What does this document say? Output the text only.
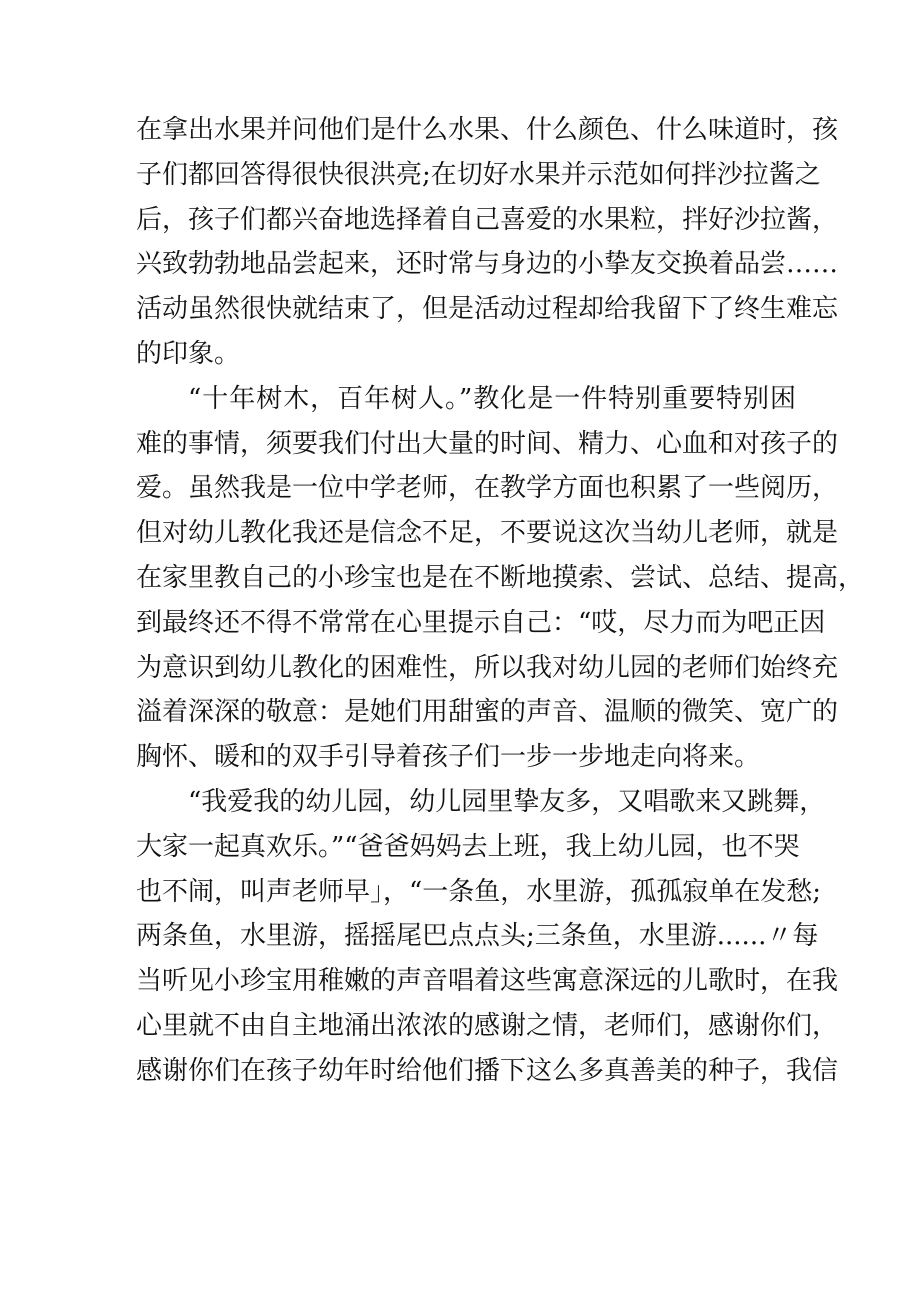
在拿出水果并问他们是什么水果、什么颜色、什么味道时，孩
子们都回答得很快很洪亮;在切好水果并示范如何拌沙拉酱之
后，孩子们都兴奋地选择着自己喜爱的水果粒，拌好沙拉酱，
兴致勃勃地品尝起来，还时常与身边的小挚友交换着品尝……
活动虽然很快就结束了，但是活动过程却给我留下了终生难忘
的印象。
“十年树木，百年树人。”教化是一件特别重要特别困
难的事情，须要我们付出大量的时间、精力、心血和对孩子的
爱。虽然我是一位中学老师，在教学方面也积累了一些阅历，
但对幼儿教化我还是信念不足，不要说这次当幼儿老师，就是
在家里教自己的小珍宝也是在不断地摸索、尝试、总结、提高，
到最终还不得不常常在心里提示自己：“哎，尽力而为吧正因
为意识到幼儿教化的困难性，所以我对幼儿园的老师们始终充
溢着深深的敬意：是她们用甜蜜的声音、温顺的微笑、宽广的
胸怀、暖和的双手引导着孩子们一步一步地走向将来。
“我爱我的幼儿园，幼儿园里挚友多，又唱歌来又跳舞，
大家一起真欢乐。”“爸爸妈妈去上班，我上幼儿园，也不哭
也不闹，叫声老师早」，“一条鱼，水里游，孤孤寂单在发愁;
两条鱼，水里游，摇摇尾巴点点头;三条鱼，水里游......〃每
当听见小珍宝用稚嫩的声音唱着这些寓意深远的儿歌时，在我
心里就不由自主地涌出浓浓的感谢之情，老师们，感谢你们，
感谢你们在孩子幼年时给他们播下这么多真善美的种子，我信
